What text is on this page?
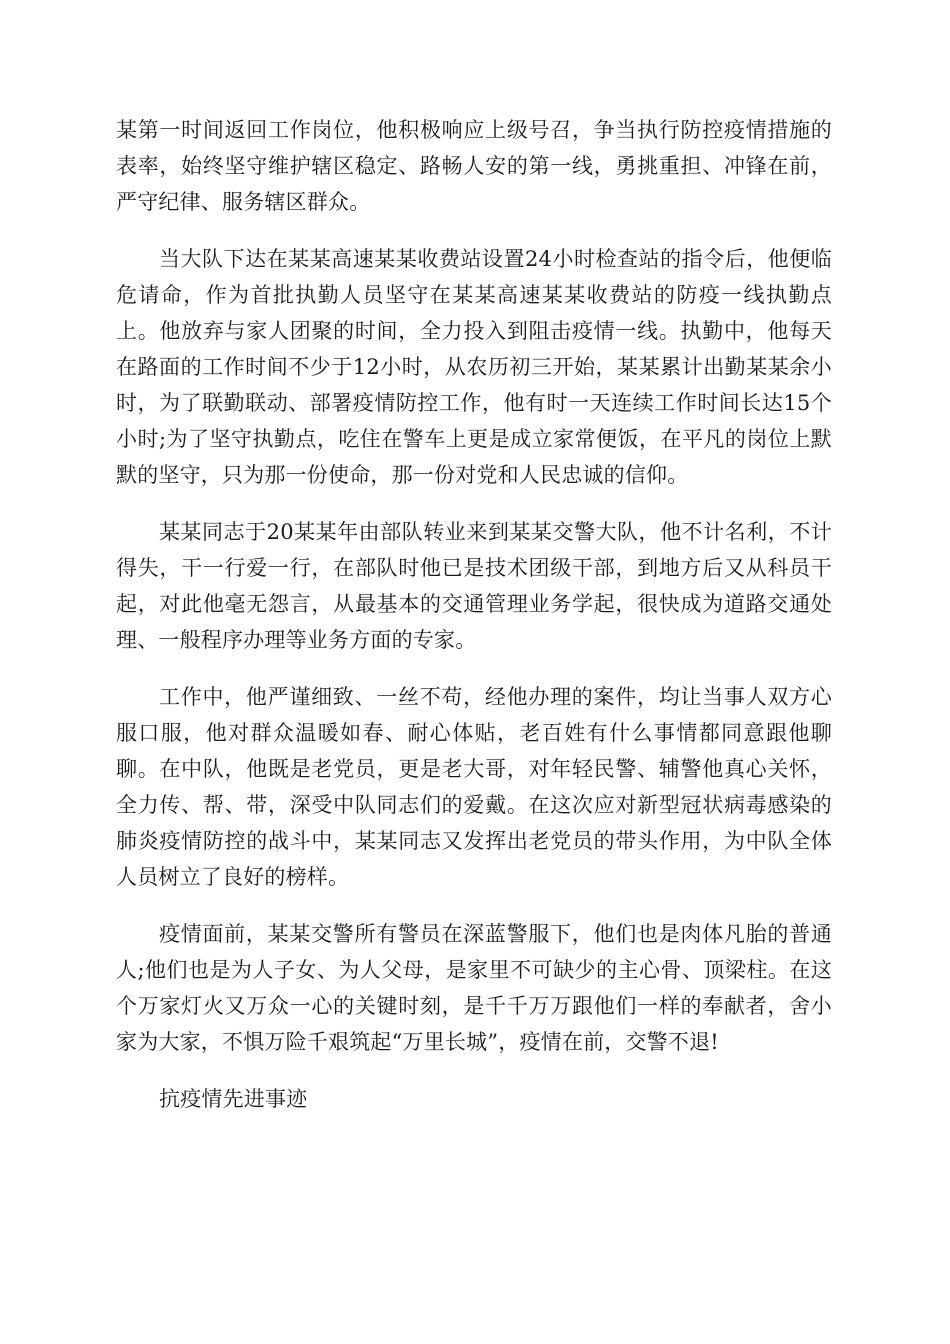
某第一时间返回工作岗位，他积极响应上级号召，争当执行防控疫情措施的表率，始终坚守维护辖区稳定、路畅人安的第一线，勇挑重担、冲锋在前，严守纪律、服务辖区群众。

当大队下达在某某高速某某收费站设置24小时检查站的指令后，他便临危请命，作为首批执勤人员坚守在某某高速某某收费站的防疫一线执勤点上。他放弃与家人团聚的时间，全力投入到阻击疫情一线。执勤中，他每天在路面的工作时间不少于12小时，从农历初三开始，某某累计出勤某某余小时，为了联勤联动、部署疫情防控工作，他有时一天连续工作时间长达15个小时;为了坚守执勤点，吃住在警车上更是成立家常便饭，在平凡的岗位上默默的坚守，只为那一份使命，那一份对党和人民忠诚的信仰。

某某同志于20某某年由部队转业来到某某交警大队，他不计名利，不计得失，干一行爱一行，在部队时他已是技术团级干部，到地方后又从科员干起，对此他毫无怨言，从最基本的交通管理业务学起，很快成为道路交通处理、一般程序办理等业务方面的专家。

工作中，他严谨细致、一丝不苟，经他办理的案件，均让当事人双方心服口服，他对群众温暖如春、耐心体贴，老百姓有什么事情都同意跟他聊聊。在中队，他既是老党员，更是老大哥，对年轻民警、辅警他真心关怀，全力传、帮、带，深受中队同志们的爱戴。在这次应对新型冠状病毒感染的肺炎疫情防控的战斗中，某某同志又发挥出老党员的带头作用，为中队全体人员树立了良好的榜样。

疫情面前，某某交警所有警员在深蓝警服下，他们也是肉体凡胎的普通人;他们也是为人子女、为人父母，是家里不可缺少的主心骨、顶梁柱。在这个万家灯火又万众一心的关键时刻，是千千万万跟他们一样的奉献者，舍小家为大家，不惧万险千艰筑起“万里长城”，疫情在前，交警不退!

抗疫情先进事迹
